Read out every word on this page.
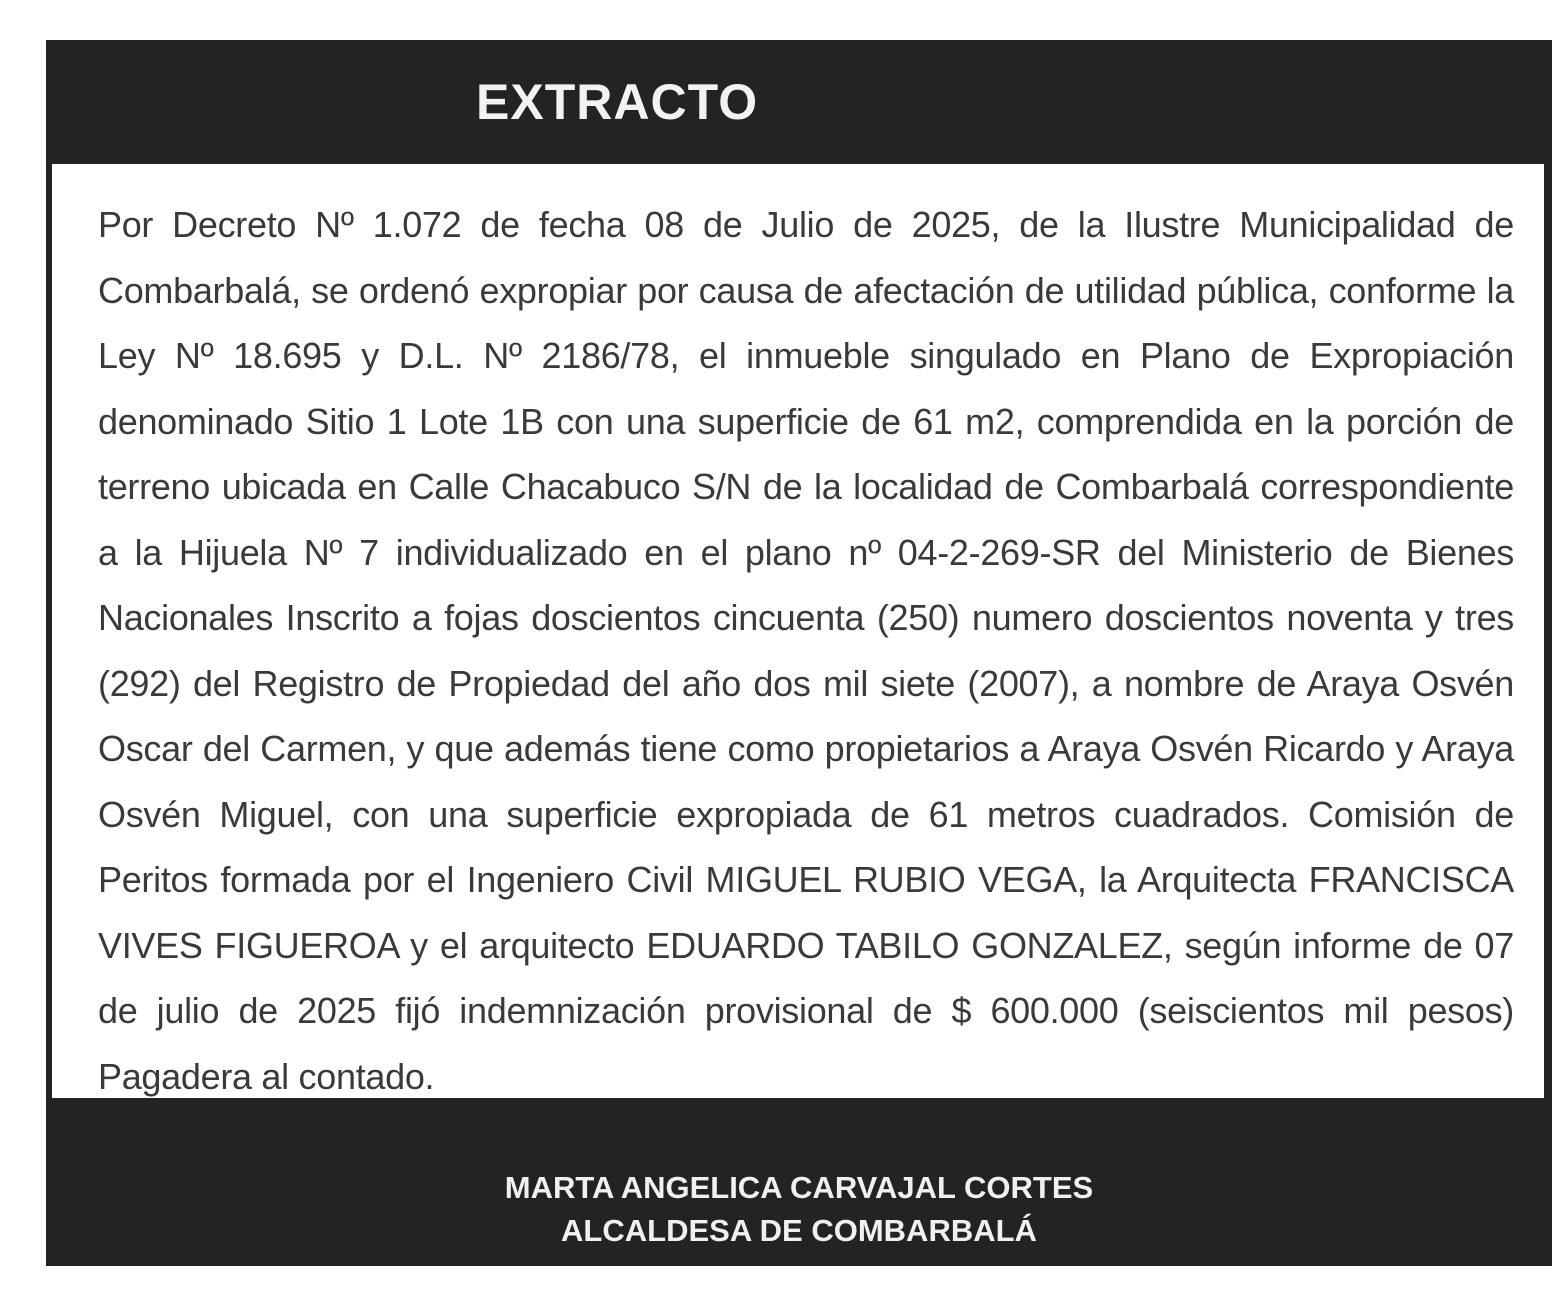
EXTRACTO

Por Decreto Nº 1.072 de fecha 08 de Julio de 2025, de la Ilustre Municipalidad de Combarbalá, se ordenó expropiar por causa de afectación de utilidad pública, conforme la Ley Nº 18.695 y D.L. Nº 2186/78, el inmueble singulado en Plano de Expropiación denominado Sitio 1 Lote 1B con una superficie de 61 m2, comprendida en la porción de terreno ubicada en Calle Chacabuco S/N de la localidad de Combarbalá correspondiente a la Hijuela Nº 7 individualizado en el plano nº 04-2-269-SR del Ministerio de Bienes Nacionales Inscrito a fojas doscientos cincuenta (250) numero doscientos noventa y tres (292) del Registro de Propiedad del año dos mil siete (2007), a nombre de Araya Osvén Oscar del Carmen, y que además tiene como propietarios a Araya Osvén Ricardo y Araya Osvén Miguel, con una superficie expropiada de 61 metros cuadrados. Comisión de Peritos formada por el Ingeniero Civil MIGUEL RUBIO VEGA, la Arquitecta FRANCISCA VIVES FIGUEROA y el arquitecto EDUARDO TABILO GONZALEZ, según informe de 07 de julio de 2025 fijó indemnización provisional de $ 600.000 (seiscientos mil pesos) Pagadera al contado.

MARTA ANGELICA CARVAJAL CORTES
ALCALDESA DE COMBARBALÁ
